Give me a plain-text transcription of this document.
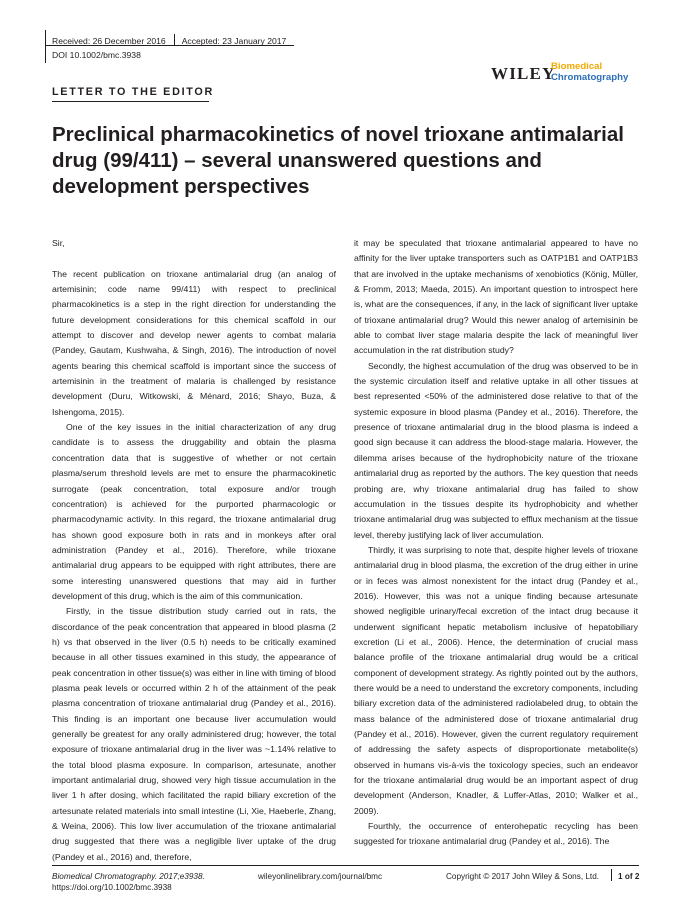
Received: 26 December 2016 Accepted: 23 January 2017
DOI 10.1002/bmc.3938
WILEY
Biomedical
Chromatography
LETTER TO THE EDITOR
Preclinical pharmacokinetics of novel trioxane antimalarial drug (99/411) – several unanswered questions and development perspectives

Sir,

The recent publication on trioxane antimalarial drug (an analog of artemisinin; code name 99/411) with respect to preclinical pharmacokinetics is a step in the right direction for understanding the future development considerations for this chemical scaffold in our attempt to discover and develop newer agents to combat malaria (Pandey, Gautam, Kushwaha, & Singh, 2016). The introduction of novel agents bearing this chemical scaffold is important since the success of artemisinin in the treatment of malaria is challenged by resistance development (Duru, Witkowski, & Ménard, 2016; Shayo, Buza, & Ishengoma, 2015).

One of the key issues in the initial characterization of any drug candidate is to assess the druggability and obtain the plasma concentration data that is suggestive of whether or not certain plasma/serum threshold levels are met to ensure the pharmacokinetic surrogate (peak concentration, total exposure and/or trough concentration) is achieved for the purported pharmacologic or pharmacodynamic activity. In this regard, the trioxane antimalarial drug has shown good exposure both in rats and in monkeys after oral administration (Pandey et al., 2016). Therefore, while trioxane antimalarial drug appears to be equipped with right attributes, there are some interesting unanswered questions that may aid in further development of this drug, which is the aim of this communication.

Firstly, in the tissue distribution study carried out in rats, the discordance of the peak concentration that appeared in blood plasma (2 h) vs that observed in the liver (0.5 h) needs to be critically examined because in all other tissues examined in this study, the appearance of peak concentration in other tissue(s) was either in line with timing of blood plasma peak levels or occurred within 2 h of the attainment of the peak plasma concentration of trioxane antimalarial drug (Pandey et al., 2016). This finding is an important one because liver accumulation would generally be greatest for any orally administered drug; however, the total exposure of trioxane antimalarial drug in the liver was ~1.14% relative to the total blood plasma exposure. In comparison, artesunate, another important antimalarial drug, showed very high tissue accumulation in the liver 1 h after dosing, which facilitated the rapid biliary excretion of the artesunate related materials into small intestine (Li, Xie, Haeberle, Zhang, & Weina, 2006). This low liver accumulation of the trioxane antimalarial drug suggested that there was a negligible liver uptake of the drug (Pandey et al., 2016) and, therefore,

it may be speculated that trioxane antimalarial appeared to have no affinity for the liver uptake transporters such as OATP1B1 and OATP1B3 that are involved in the uptake mechanisms of xenobiotics (König, Müller, & Fromm, 2013; Maeda, 2015). An important question to introspect here is, what are the consequences, if any, in the lack of significant liver uptake of trioxane antimalarial drug? Would this newer analog of artemisinin be able to combat liver stage malaria despite the lack of meaningful liver accumulation in the rat distribution study?

Secondly, the highest accumulation of the drug was observed to be in the systemic circulation itself and relative uptake in all other tissues at best represented <50% of the administered dose relative to that of the systemic exposure in blood plasma (Pandey et al., 2016). Therefore, the presence of trioxane antimalarial drug in the blood plasma is indeed a good sign because it can address the blood-stage malaria. However, the dilemma arises because of the hydrophobicity nature of the trioxane antimalarial drug as reported by the authors. The key question that needs probing are, why trioxane antimalarial drug has failed to show accumulation in the tissues despite its hydrophobicity and whether trioxane antimalarial drug was subjected to efflux mechanism at the tissue level, thereby justifying lack of liver accumulation.

Thirdly, it was surprising to note that, despite higher levels of trioxane antimalarial drug in blood plasma, the excretion of the drug either in urine or in feces was almost nonexistent for the intact drug (Pandey et al., 2016). However, this was not a unique finding because artesunate showed negligible urinary/fecal excretion of the intact drug because it underwent significant hepatic metabolism inclusive of hepatobiliary excretion (Li et al., 2006). Hence, the determination of crucial mass balance profile of the trioxane antimalarial drug would be a critical component of development strategy. As rightly pointed out by the authors, there would be a need to understand the excretory components, including biliary excretion data of the administered radiolabeled drug, to obtain the mass balance of the administered dose of trioxane antimalarial drug (Pandey et al., 2016). However, given the current regulatory requirement of addressing the safety aspects of disproportionate metabolite(s) observed in humans vis-à-vis the toxicology species, such an endeavor for the trioxane antimalarial drug would be an important aspect of drug development (Anderson, Knadler, & Luffer-Atlas, 2010; Walker et al., 2009).

Fourthly, the occurrence of enterohepatic recycling has been suggested for trioxane antimalarial drug (Pandey et al., 2016). The

Biomedical Chromatography. 2017;e3938.
https://doi.org/10.1002/bmc.3938
wileyonlinelibrary.com/journal/bmc	Copyright © 2017 John Wiley & Sons, Ltd. 1 of 2
